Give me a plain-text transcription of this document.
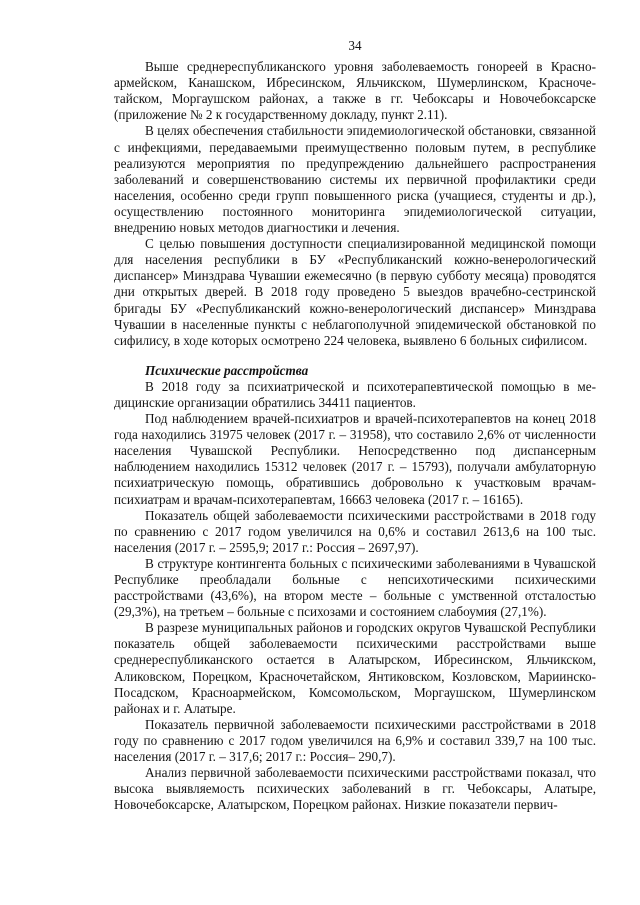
34

Выше среднереспубликанского уровня заболеваемость гонореей в Красноармейском, Канашском, Ибресинском, Яльчикском, Шумерлинском, Красночетайском, Моргаушском районах, а также в гг. Чебоксары и Новочебоксарске (приложение № 2 к государственному докладу, пункт 2.11).

В целях обеспечения стабильности эпидемиологической обстановки, связанной с инфекциями, передаваемыми преимущественно половым путем, в республике реализуются мероприятия по предупреждению дальнейшего распространения заболеваний и совершенствованию системы их первичной профилактики среди населения, особенно среди групп повышенного риска (учащиеся, студенты и др.), осуществлению постоянного мониторинга эпидемиологической ситуации, внедрению новых методов диагностики и лечения.

С целью повышения доступности специализированной медицинской помощи для населения республики в БУ «Республиканский кожно-венерологический диспансер» Минздрава Чувашии ежемесячно (в первую субботу месяца) проводятся дни открытых дверей. В 2018 году проведено 5 выездов врачебно-сестринской бригады БУ «Республиканский кожно-венерологический диспансер» Минздрава Чувашии в населенные пункты с неблагополучной эпидемической обстановкой по сифилису, в ходе которых осмотрено 224 человека, выявлено 6 больных сифилисом.

Психические расстройства

В 2018 году за психиатрической и психотерапевтической помощью в медицинские организации обратились 34411 пациентов.

Под наблюдением врачей-психиатров и врачей-психотерапевтов на конец 2018 года находились 31975 человек (2017 г. – 31958), что составило 2,6% от численности населения Чувашской Республики. Непосредственно под диспансерным наблюдением находились 15312 человек (2017 г. – 15793), получали амбулаторную психиатрическую помощь, обратившись добровольно к участковым врачам-психиатрам и врачам-психотерапевтам, 16663 человека (2017 г. – 16165).

Показатель общей заболеваемости психическими расстройствами в 2018 году по сравнению с 2017 годом увеличился на 0,6% и составил 2613,6 на 100 тыс. населения (2017 г. – 2595,9; 2017 г.: Россия – 2697,97).

В структуре контингента больных с психическими заболеваниями в Чувашской Республике преобладали больные с непсихотическими психическими расстройствами (43,6%), на втором месте – больные с умственной отсталостью (29,3%), на третьем – больные с психозами и состоянием слабоумия (27,1%).

В разрезе муниципальных районов и городских округов Чувашской Республики показатель общей заболеваемости психическими расстройствами выше среднереспубликанского остается в Алатырском, Ибресинском, Яльчикском, Аликовском, Порецком, Красночетайском, Янтиковском, Козловском, Мариинско-Посадском, Красноармейском, Комсомольском, Моргаушском, Шумерлинском районах и г. Алатыре.

Показатель первичной заболеваемости психическими расстройствами в 2018 году по сравнению с 2017 годом увеличился на 6,9% и составил 339,7 на 100 тыс. населения (2017 г. – 317,6; 2017 г.: Россия– 290,7).

Анализ первичной заболеваемости психическими расстройствами показал, что высока выявляемость психических заболеваний в гг. Чебоксары, Алатыре, Новочебоксарске, Алатырском, Порецком районах. Низкие показатели первич-
